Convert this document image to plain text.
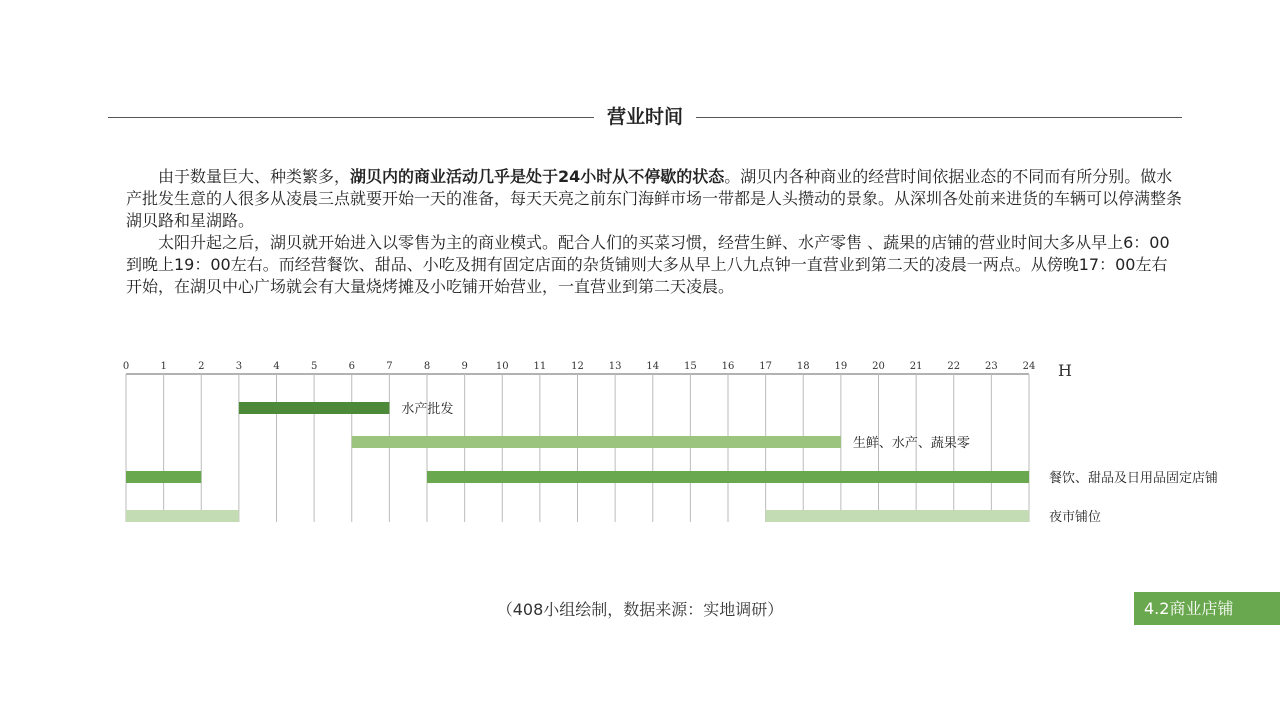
营业时间

由于数量巨大、种类繁多，湖贝内的商业活动几乎是处于24小时从不停歇的状态。湖贝内各种商业的经营时间依据业态的不同而有所分别。做水产批发生意的人很多从凌晨三点就要开始一天的准备，每天天亮之前东门海鲜市场一带都是人头攒动的景象。从深圳各处前来进货的车辆可以停满整条湖贝路和星湖路。

太阳升起之后，湖贝就开始进入以零售为主的商业模式。配合人们的买菜习惯，经营生鲜、水产零售 、蔬果的店铺的营业时间大多从早上6：00到晚上19：00左右。而经营餐饮、甜品、小吃及拥有固定店面的杂货铺则大多从早上八九点钟一直营业到第二天的凌晨一两点。从傍晚17：00左右开始，在湖贝中心广场就会有大量烧烤摊及小吃铺开始营业，一直营业到第二天凌晨。

0	1	2	3	4	5	6	7	8	9	10 11 12 13 14 15 16 17 18 19 20 21 22 23 24 H
水产批发
生鲜、水产、蔬果零
餐饮、甜品及日用品固定店铺
夜市铺位
（408小组绘制，数据来源：实地调研）	4.2商业店铺
